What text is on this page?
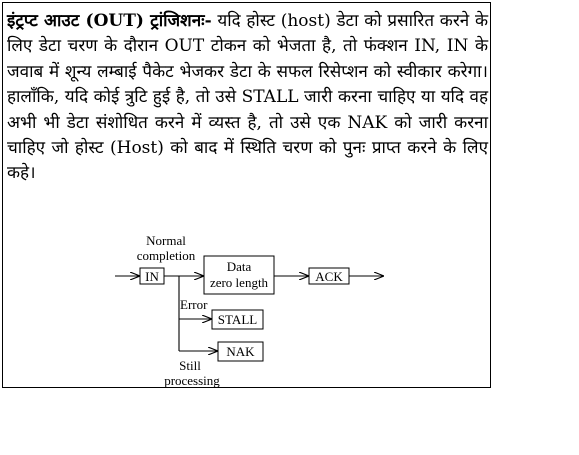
इंट्रप्ट आउट (OUT) ट्रांजिशनः- यदि होस्ट (host) डेटा को प्रसारित करने के लिए डेटा चरण के दौरान OUT टोकन को भेजता है, तो फंक्शन IN, IN के जवाब में शून्य लम्बाई पैकेट भेजकर डेटा के सफल रिसेप्शन को स्वीकार करेगा। हालाँकि, यदि कोई त्रुटि हुई है, तो उसे STALL जारी करना चाहिए या यदि वह अभी भी डेटा संशोधित करने में व्यस्त है, तो उसे एक NAK को जारी करना चाहिए जो होस्ट (Host) को बाद में स्थिति चरण को पुनः प्राप्त करने के लिए कहे।

Normal
completion
IN
Data
zero length	ACK
Error
STALL
NAK
Still
processing
